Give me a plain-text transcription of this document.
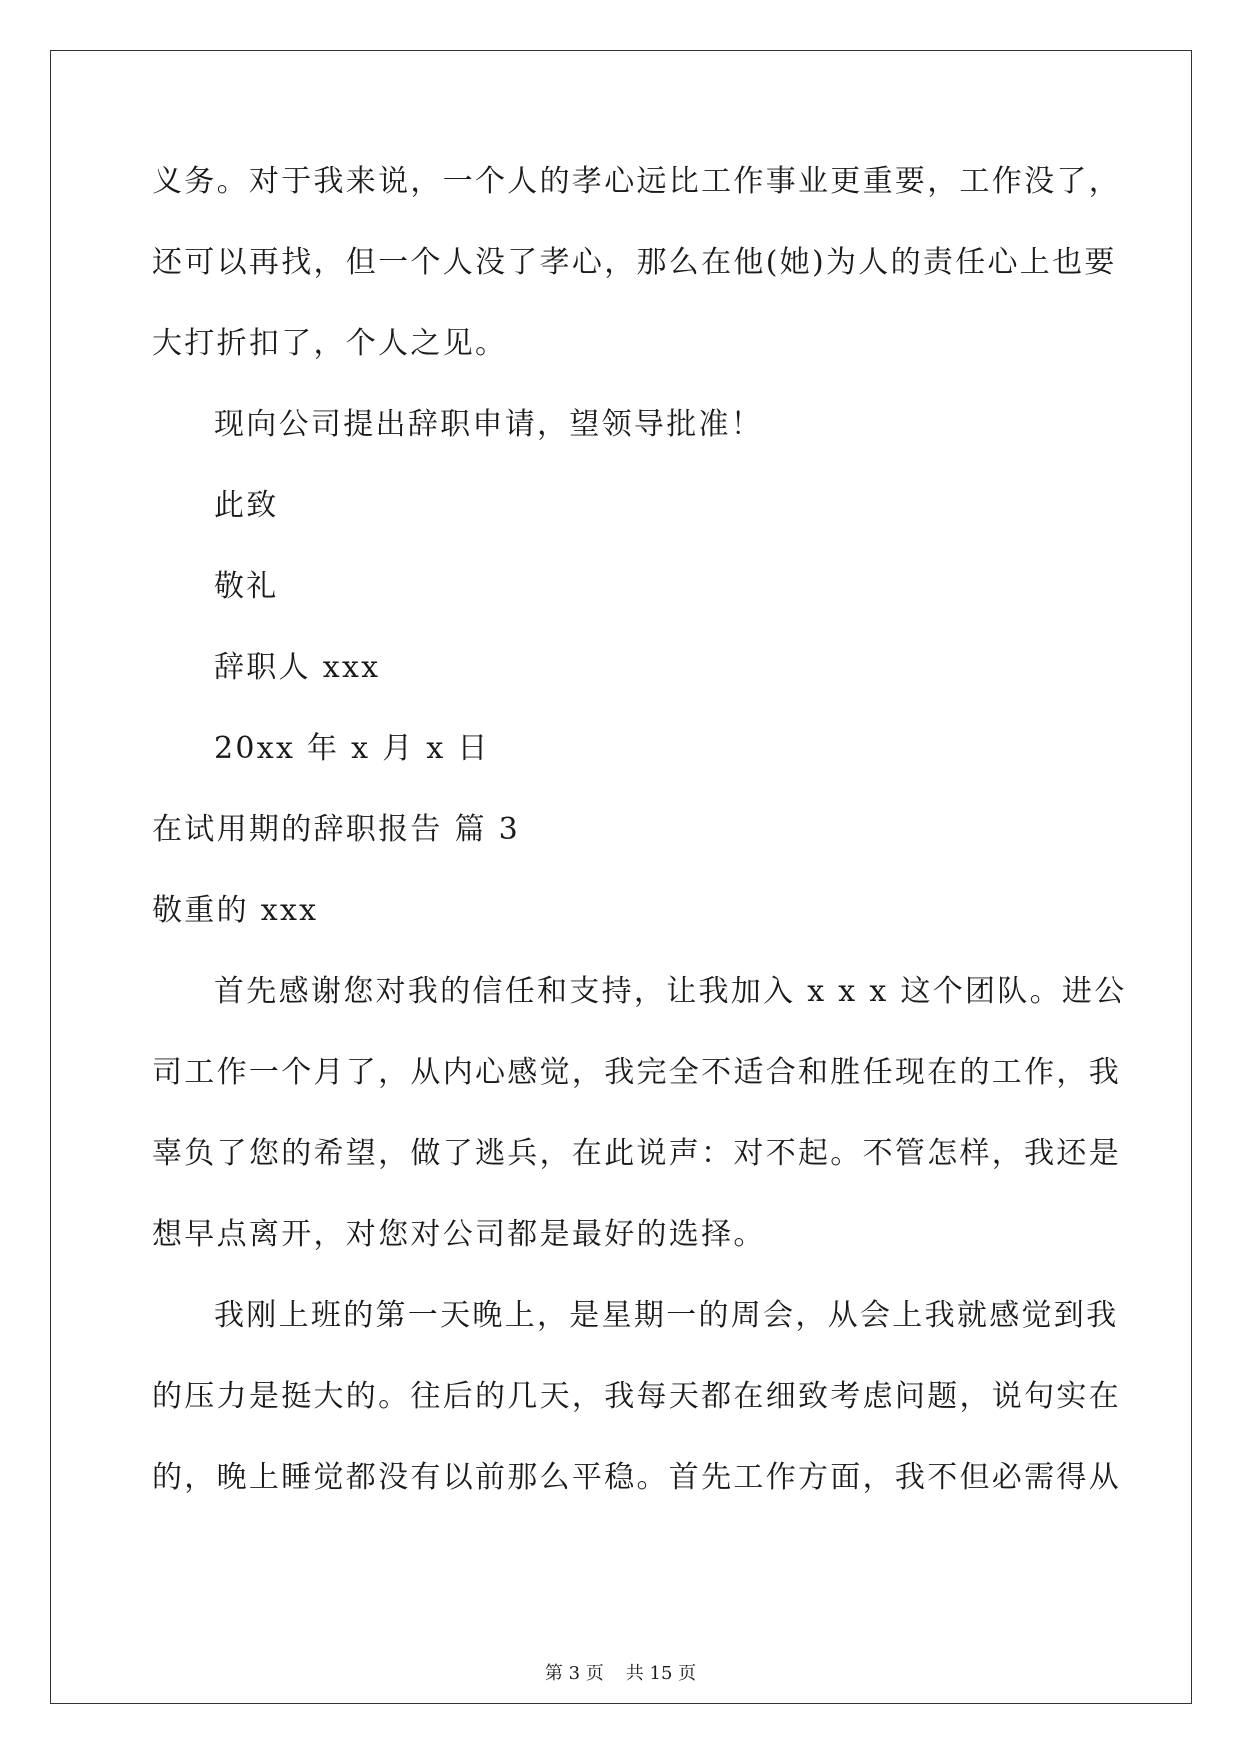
义务。对于我来说，一个人的孝心远比工作事业更重要，工作没了，
还可以再找，但一个人没了孝心，那么在他(她)为人的责任心上也要
大打折扣了，个人之见。
现向公司提出辞职申请，望领导批准！
此致
敬礼
辞职人 xxx
20xx 年 x 月 x 日
在试用期的辞职报告 篇 3
敬重的 xxx
首先感谢您对我的信任和支持，让我加入 x x x 这个团队。进公
司工作一个月了，从内心感觉，我完全不适合和胜任现在的工作，我
辜负了您的希望，做了逃兵，在此说声：对不起。不管怎样，我还是
想早点离开，对您对公司都是最好的选择。
我刚上班的第一天晚上，是星期一的周会，从会上我就感觉到我
的压力是挺大的。往后的几天，我每天都在细致考虑问题，说句实在
的，晚上睡觉都没有以前那么平稳。首先工作方面，我不但必需得从
第 3 页 共 15 页
